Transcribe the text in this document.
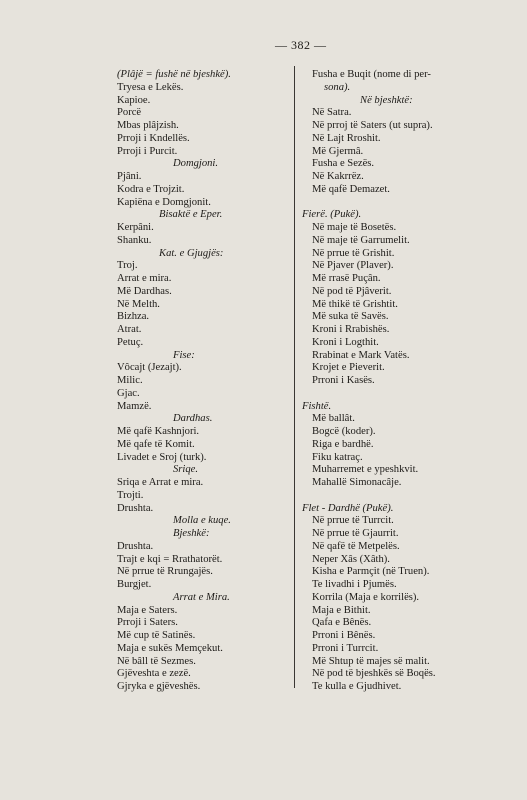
— 382 —
(Plâjë = fushë në bjeshkë).
Tryesa e Lekës.
Kapioe.
Porcë
Mbas plâjzish.
Prroji i Kndellës.
Prroji i Purcit.
Domgjoni.
Pjâni.
Kodra e Trojzit.
Kapiëna e Domgjonit.
Bisaktë e Eper.
Kerpâni.
Shanku.
Kat. e Gjugjës:
Troj.
Arrat e mira.
Më Dardhas.
Në Melth.
Bizhza.
Atrat.
Petuç.
Fise:
Vôcajt (Jezajt).
Milic.
Gjac.
Mamzë.
Dardhas.
Më qafë Kashnjori.
Më qafe të Komit.
Livadet e Sroj (turk).
Sriqe.
Sriqa e Arrat e mira.
Trojti.
Drushta.
Molla e kuqe.
Bjeshkë:
Drushta.
Trajt e kqi = Rrathatorët.
Në prrue të Rrungajës.
Burgjet.
Arrat e Mira.
Maja e Saters.
Prroji i Saters.
Më cup të Satinës.
Maja e sukës Memçekut.
Në bâll të Sezmes.
Gjëveshta e zezë.
Gjryka e gjëveshës.
Fusha e Buqit (nome di per-
sona).
Në bjeshktë:
Në Satra.
Në prroj të Saters (ut supra).
Në Lajt Rroshit.
Më Gjermâ.
Fusha e Sezës.
Në Kakrrëz.
Më qafë Demazet.
Fierë. (Pukë).
Në maje të Bosetës.
Në maje të Garrumelit.
Në prrue të Grishit.
Në Pjaver (Plaver).
Më rrasë Puçân.
Në pod të Pjâverit.
Më thikë të Grishtit.
Më suka të Savës.
Kroni i Rrabishës.
Kroni i Logthit.
Rrabinat e Mark Vatës.
Krojet e Pieverit.
Prroni i Kasës.
Fishtë.
Më ballât.
Bogcë (koder).
Riga e bardhë.
Fiku katraç.
Muharremet e ypeshkvit.
Mahallë Simonacâje.
Flet - Dardhë (Pukë).
Në prrue të Turrcit.
Në prrue të Gjaurrit.
Në qafë të Metpelës.
Neper Xâs (Xâth).
Kisha e Parmçit (në Truen).
Te livadhi i Pjumës.
Korrila (Maja e korrilës).
Maja e Bithit.
Qafa e Bênës.
Prroni i Bênës.
Prroni i Turrcit.
Më Shtup të majes së malit.
Në pod të bjeshkës së Boqës.
Te kulla e Gjudhivet.
